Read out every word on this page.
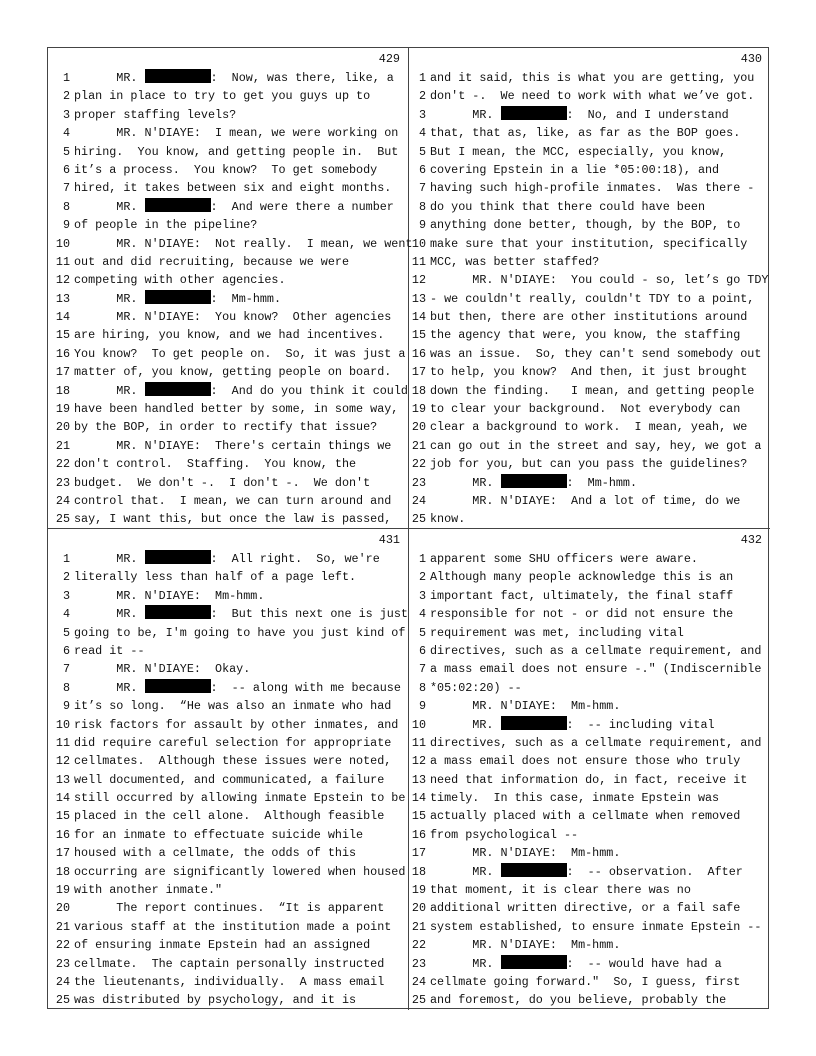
429
1 MR.	:  Now, was there, like, a
2 plan in place to try to get you guys up to
3 proper staffing levels?
4 MR. N'DIAYE:  I mean, we were working on
5 hiring.  You know, and getting people in.  But
6 it’s a process.  You know?  To get somebody
7 hired, it takes between six and eight months.
8 MR.	:  And were there a number
9 of people in the pipeline?
10 MR. N'DIAYE:  Not really.  I mean, we went
11 out and did recruiting, because we were
12 competing with other agencies.
13 MR.	:  Mm-hmm.
14 MR. N'DIAYE:  You know?  Other agencies
15 are hiring, you know, and we had incentives.
16 You know?  To get people on.  So, it was just a
17 matter of, you know, getting people on board.
18 MR.	:  And do you think it could
19 have been handled better by some, in some way,
20 by the BOP, in order to rectify that issue?
21 MR. N'DIAYE:  There's certain things we
22 don't control.  Staffing.  You know, the
23 budget.  We don't -.  I don't -.  We don't
24 control that.  I mean, we can turn around and
25 say, I want this, but once the law is passed,
430
1 and it said, this is what you are getting, you
2 don't -.  We need to work with what we’ve got.
3 MR.	:  No, and I understand
4 that, that as, like, as far as the BOP goes.
5 But I mean, the MCC, especially, you know,
6 covering Epstein in a lie *05:00:18), and
7 having such high-profile inmates.  Was there -
8 do you think that there could have been
9 anything done better, though, by the BOP, to
10 make sure that your institution, specifically
11 MCC, was better staffed?
12 MR. N'DIAYE:  You could - so, let’s go TDY
13 - we couldn't really, couldn't TDY to a point,
14 but then, there are other institutions around
15 the agency that were, you know, the staffing
16 was an issue.  So, they can't send somebody out
17 to help, you know?  And then, it just brought
18 down the finding.   I mean, and getting people
19 to clear your background.  Not everybody can
20 clear a background to work.  I mean, yeah, we
21 can go out in the street and say, hey, we got a
22 job for you, but can you pass the guidelines?
23 MR.	:  Mm-hmm.
24 MR. N'DIAYE:  And a lot of time, do we
25 know.
431
1 MR.	:  All right.  So, we're
2 literally less than half of a page left.
3 MR. N'DIAYE:  Mm-hmm.
4 MR.	:  But this next one is just
5 going to be, I'm going to have you just kind of
6 read it --
7 MR. N'DIAYE:  Okay.
8 MR.	:  -- along with me because
9 it’s so long.  “He was also an inmate who had
10 risk factors for assault by other inmates, and
11 did require careful selection for appropriate
12 cellmates.  Although these issues were noted,
13 well documented, and communicated, a failure
14 still occurred by allowing inmate Epstein to be
15 placed in the cell alone.  Although feasible
16 for an inmate to effectuate suicide while
17 housed with a cellmate, the odds of this
18 occurring are significantly lowered when housed
19 with another inmate."
20 The report continues.  “It is apparent
21 various staff at the institution made a point
22 of ensuring inmate Epstein had an assigned
23 cellmate.  The captain personally instructed
24 the lieutenants, individually.  A mass email
25 was distributed by psychology, and it is
432
1 apparent some SHU officers were aware.
2 Although many people acknowledge this is an
3 important fact, ultimately, the final staff
4 responsible for not - or did not ensure the
5 requirement was met, including vital
6 directives, such as a cellmate requirement, and
7 a mass email does not ensure -." (Indiscernible
8 *05:02:20) --
9 MR. N'DIAYE:  Mm-hmm.
10 MR.	:  -- including vital
11 directives, such as a cellmate requirement, and
12 a mass email does not ensure those who truly
13 need that information do, in fact, receive it
14 timely.  In this case, inmate Epstein was
15 actually placed with a cellmate when removed
16 from psychological --
17 MR. N'DIAYE:  Mm-hmm.
18 MR.	:  -- observation.  After
19 that moment, it is clear there was no
20 additional written directive, or a fail safe
21 system established, to ensure inmate Epstein --
22 MR. N'DIAYE:  Mm-hmm.
23 MR.	:  -- would have had a
24 cellmate going forward."  So, I guess, first
25 and foremost, do you believe, probably the
